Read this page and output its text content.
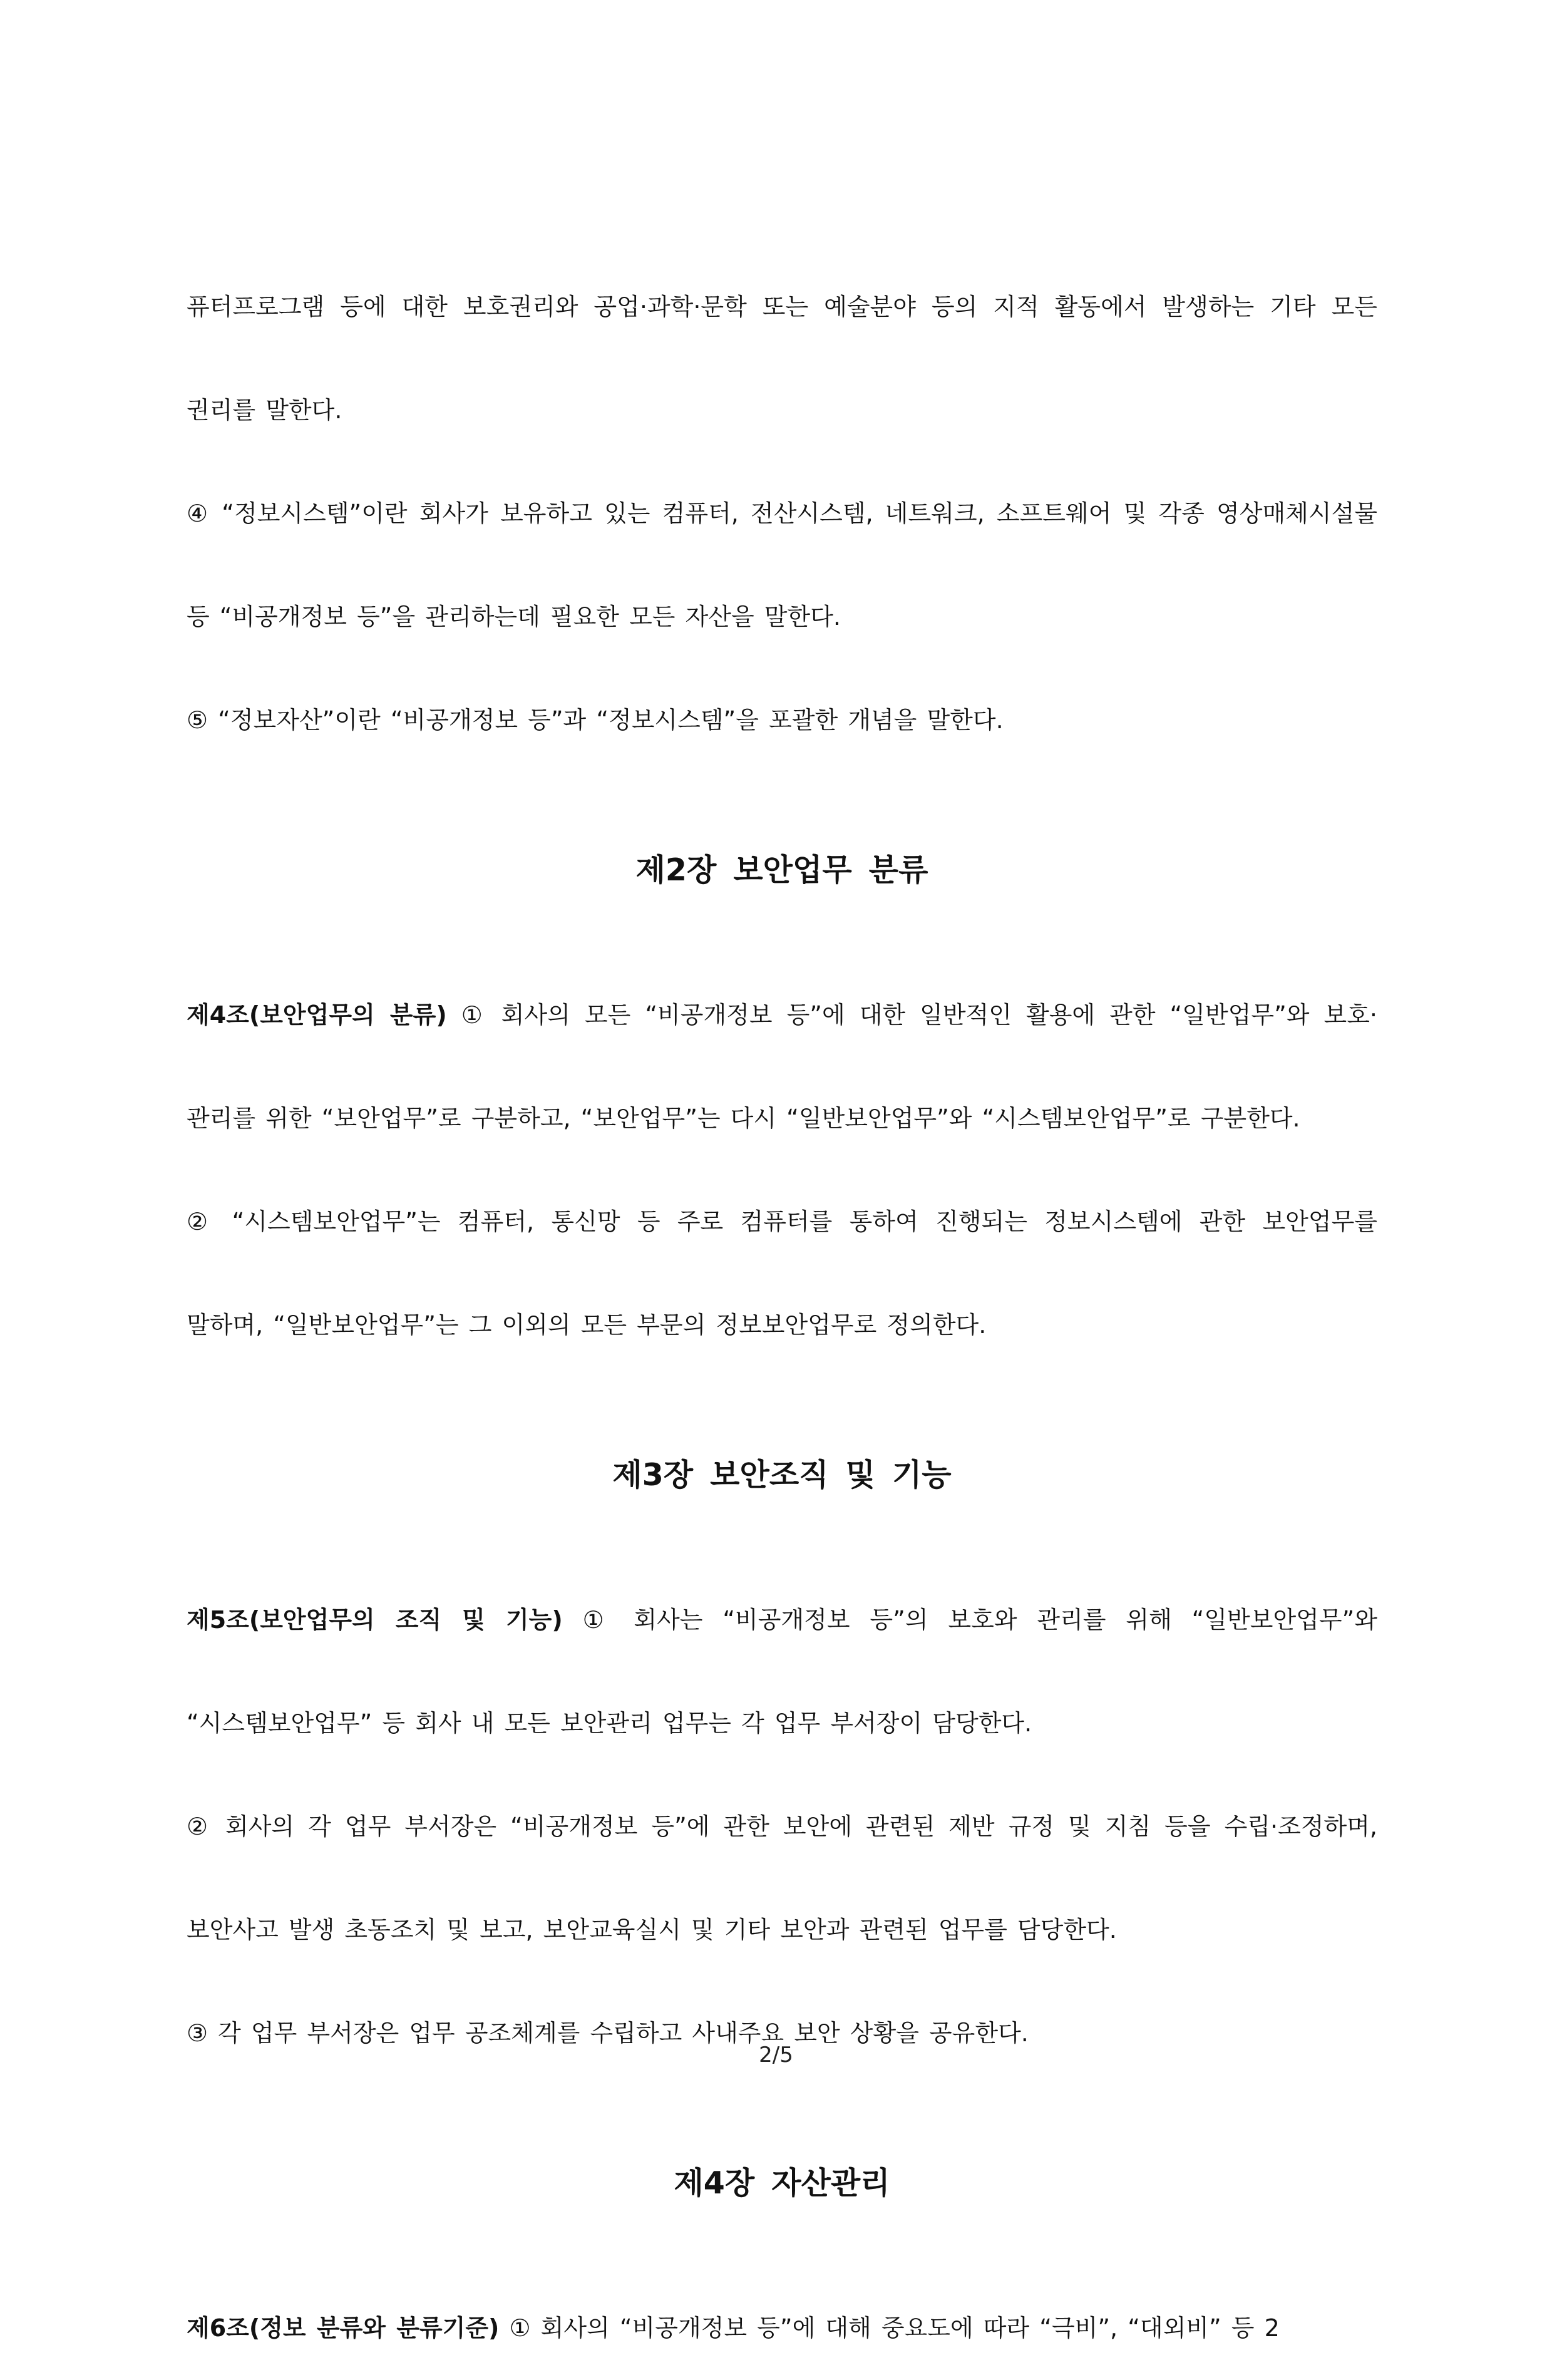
퓨터프로그램 등에 대한 보호권리와 공업·과학·문학 또는 예술분야 등의 지적 활동에서 발생하는 기타 모든 권리를 말한다.

④ “정보시스템”이란 회사가 보유하고 있는 컴퓨터, 전산시스템, 네트워크, 소프트웨어 및 각종 영상매체시설물 등 “비공개정보 등”을 관리하는데 필요한 모든 자산을 말한다.

⑤ “정보자산”이란 “비공개정보 등”과 “정보시스템”을 포괄한 개념을 말한다.

제2장 보안업무 분류

제4조(보안업무의 분류) ① 회사의 모든 “비공개정보 등”에 대한 일반적인 활용에 관한 “일반업무”와 보호·관리를 위한 “보안업무”로 구분하고, “보안업무”는 다시 “일반보안업무”와 “시스템보안업무”로 구분한다.

② “시스템보안업무”는 컴퓨터, 통신망 등 주로 컴퓨터를 통하여 진행되는 정보시스템에 관한 보안업무를 말하며, “일반보안업무”는 그 이외의 모든 부문의 정보보안업무로 정의한다.

제3장 보안조직 및 기능

제5조(보안업무의 조직 및 기능) ① 회사는 “비공개정보 등”의 보호와 관리를 위해 “일반보안업무”와 “시스템보안업무” 등 회사 내 모든 보안관리 업무는 각 업무 부서장이 담당한다.

② 회사의 각 업무 부서장은 “비공개정보 등”에 관한 보안에 관련된 제반 규정 및 지침 등을 수립·조정하며, 보안사고 발생 초동조치 및 보고, 보안교육실시 및 기타 보안과 관련된 업무를 담당한다.

③ 각 업무 부서장은 업무 공조체계를 수립하고 사내주요 보안 상황을 공유한다.

제4장 자산관리

제6조(정보 분류와 분류기준) ① 회사의 “비공개정보 등”에 대해 중요도에 따라 “극비”, “대외비” 등 2

2/5
